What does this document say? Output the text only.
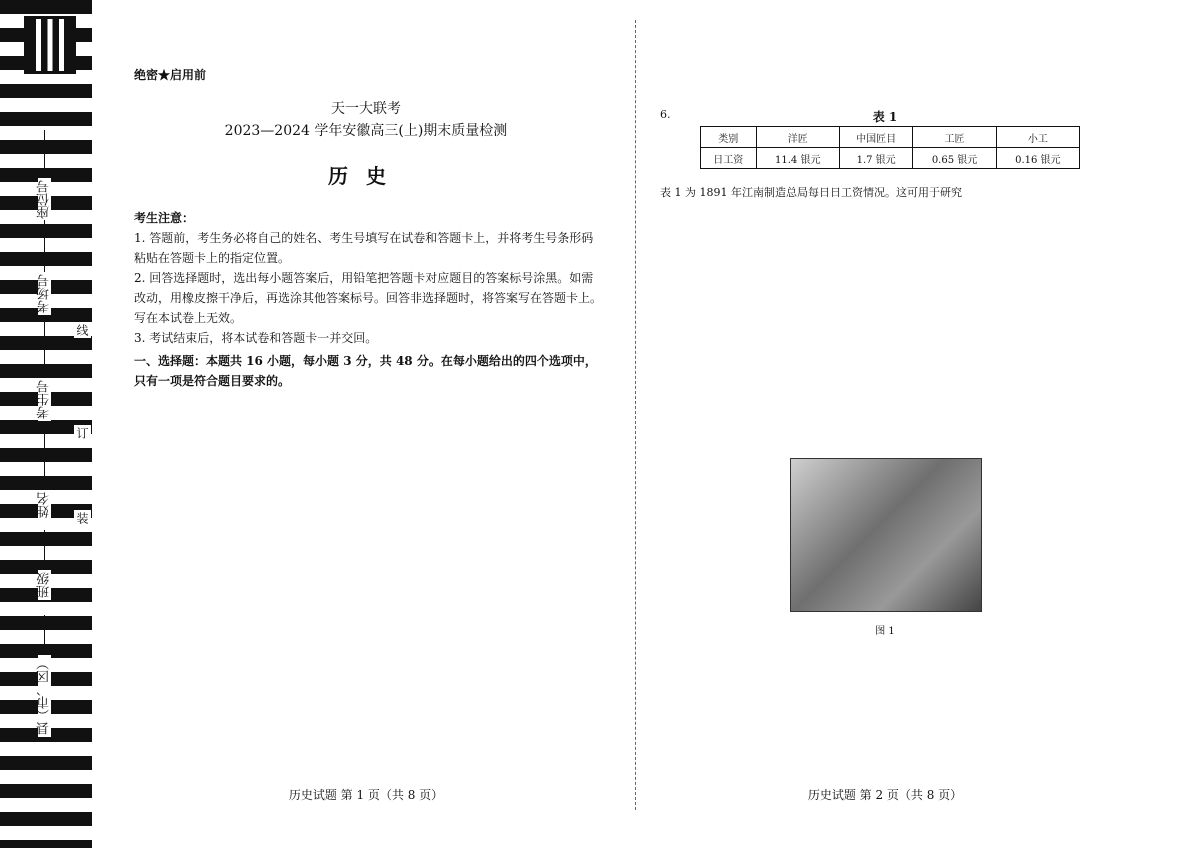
座位号
考场号
考生号
姓名
班级
县（市、区）
线
订
装
绝密★启用前
天一大联考
2023—2024 学年安徽高三(上)期末质量检测
历史
考生注意：
1. 答题前，考生务必将自己的姓名、考生号填写在试卷和答题卡上，并将考生号条形码粘贴在答题卡上的指定位置。
2. 回答选择题时，选出每小题答案后，用铅笔把答题卡对应题目的答案标号涂黑。如需改动，用橡皮擦干净后，再选涂其他答案标号。回答非选择题时，将答案写在答题卡上。写在本试卷上无效。
3. 考试结束后，将本试卷和答题卡一并交回。
一、选择题：本题共 16 小题，每小题 3 分，共 48 分。在每小题给出的四个选项中，只有一项是符合题目要求的。
6.	表 1
类别	洋匠	中国匠目	工匠	小工
日工资	11.4 银元	1.7 银元	0.65 银元	0.16 银元
表 1 为 1891 年江南制造总局每日日工资情况。这可用于研究
图 1
历史试题 第 1 页（共 8 页）	历史试题 第 2 页（共 8 页）
